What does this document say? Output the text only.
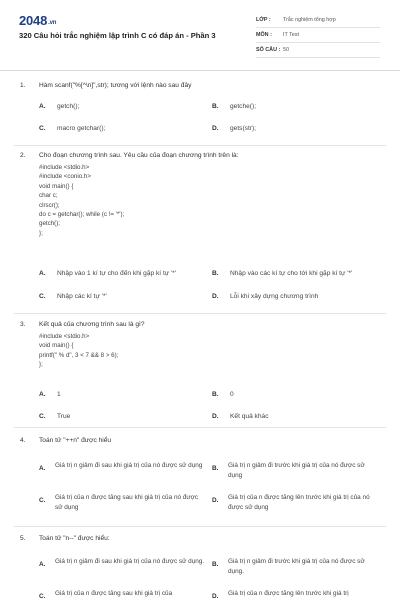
2048.vn
320 Câu hỏi trắc nghiệm lập trình C có đáp án - Phần 3
LỚP :	Trắc nghiệm tổng hợp
MÔN :	IT Test
SỐ CÂU : 50
1. Hàm scanf("%[^\n]",str); tương với lệnh nào sau đây
A. getch();	B. getche();
C. macro getchar();	D. gets(str);
2. Cho đoạn chương trình sau. Yêu cầu của đoạn chương trình trên là:
#include <stdio.h>
#include <conio.h>
void main() {
char c;
clrscr();
do c = getchar(); while (c != '*');
getch();
};
A. Nhập vào 1 kí tự cho đến khi gặp kí tự '*'	B. Nhập vào các kí tự cho tới khi gặp kí tự '*'
C. Nhập các kí tự '*'	D. Lỗi khi xây dựng chương trình
3. Kết quả của chương trình sau là gì?
#include <stdio.h>
void main() {
printf(" % d", 3 < 7 && 8 > 6);
};
A. 1	B. 0
C. True	D. Kết quả khác
4. Toán tử "++n" được hiểu
A. Giá trị n giảm đi sau khi giá trị của nó được sử dụng	B. Giá trị n giảm đi trước khi giá trị của nó được sử dụng
C. Giá trị của n được tăng sau khi giá trị của nó được sử dụng
D. Giá trị của n được tăng lên trước khi giá trị của nó được sử dụng
5. Toán tử "n--" được hiểu:
A. Giá trị n giảm đi sau khi giá trị của nó được sử dụng. B. Giá trị n giảm đi trước khi giá trị của nó được sử dụng.
C. Giá trị của n được tăng sau khi giá trị của	D. Giá trị của n được tăng lên trước khi giá trị
